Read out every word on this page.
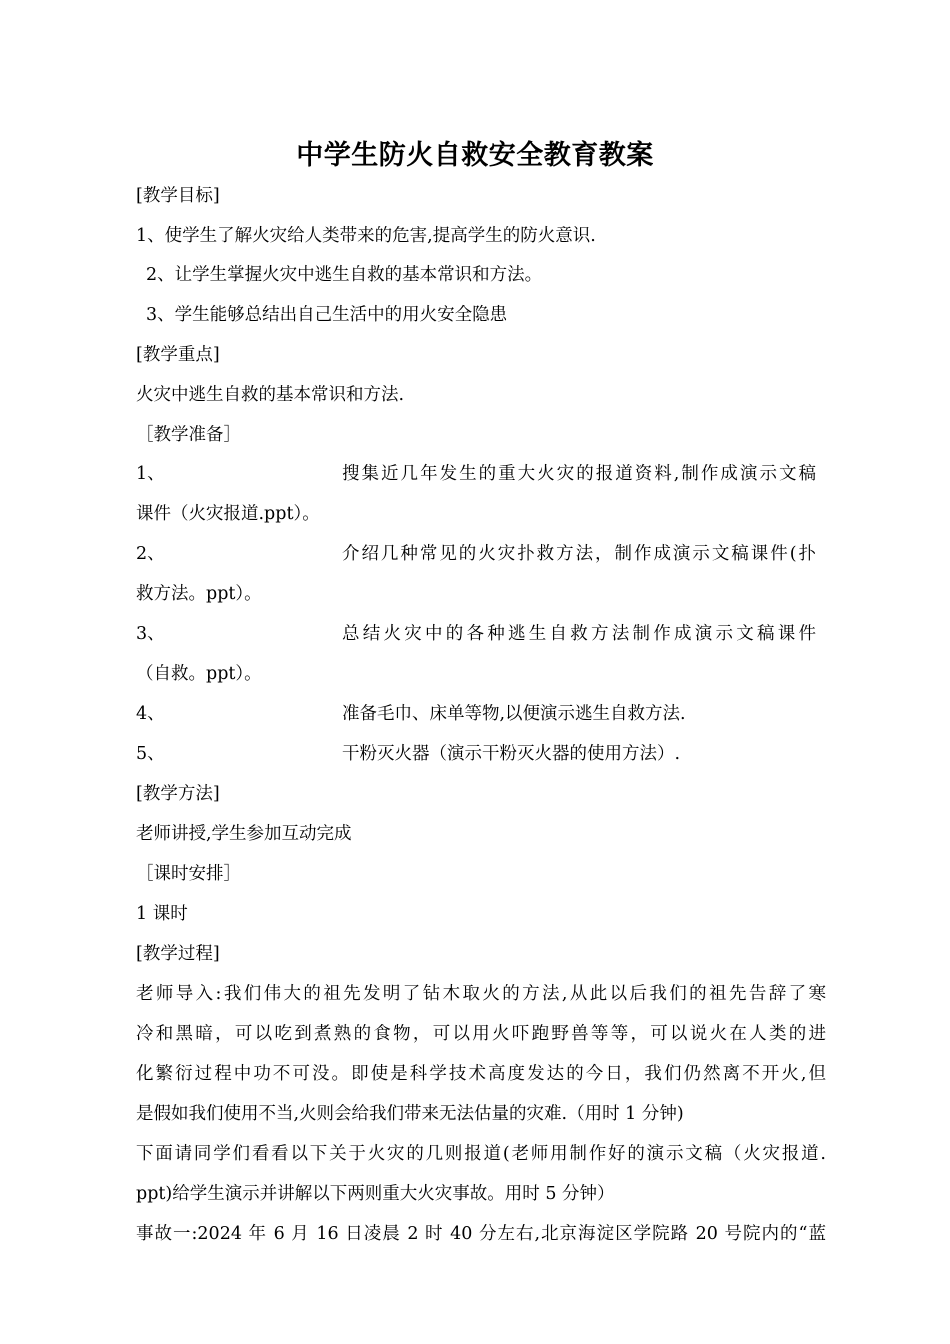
中学生防火自救安全教育教案
[教学目标]
1、使学生了解火灾给人类带来的危害,提高学生的防火意识.
2、让学生掌握火灾中逃生自救的基本常识和方法。
3、学生能够总结出自己生活中的用火安全隐患
[教学重点]
火灾中逃生自救的基本常识和方法.
［教学准备］
1、	搜集近几年发生的重大火灾的报道资料,制作成演示文稿
课件（火灾报道.ppt）。
2、	介绍几种常见的火灾扑救方法，制作成演示文稿课件(扑
救方法。ppt）。
3、	总结火灾中的各种逃生自救方法制作成演示文稿课件
（自救。ppt）。
4、	准备毛巾、床单等物,以便演示逃生自救方法.
5、	干粉灭火器（演示干粉灭火器的使用方法）.
[教学方法]
老师讲授,学生参加互动完成
［课时安排］
1 课时
[教学过程]
老师导入:我们伟大的祖先发明了钻木取火的方法,从此以后我们的祖先告辞了寒
冷和黑暗，可以吃到煮熟的食物，可以用火吓跑野兽等等，可以说火在人类的进
化繁衍过程中功不可没。即使是科学技术高度发达的今日，我们仍然离不开火,但
是假如我们使用不当,火则会给我们带来无法估量的灾难.（用时 1 分钟)
下面请同学们看看以下关于火灾的几则报道(老师用制作好的演示文稿（火灾报道.
ppt)给学生演示并讲解以下两则重大火灾事故。用时 5 分钟）
事故一:2024 年 6 月 16 日凌晨 2 时 40 分左右,北京海淀区学院路 20 号院内的“蓝
